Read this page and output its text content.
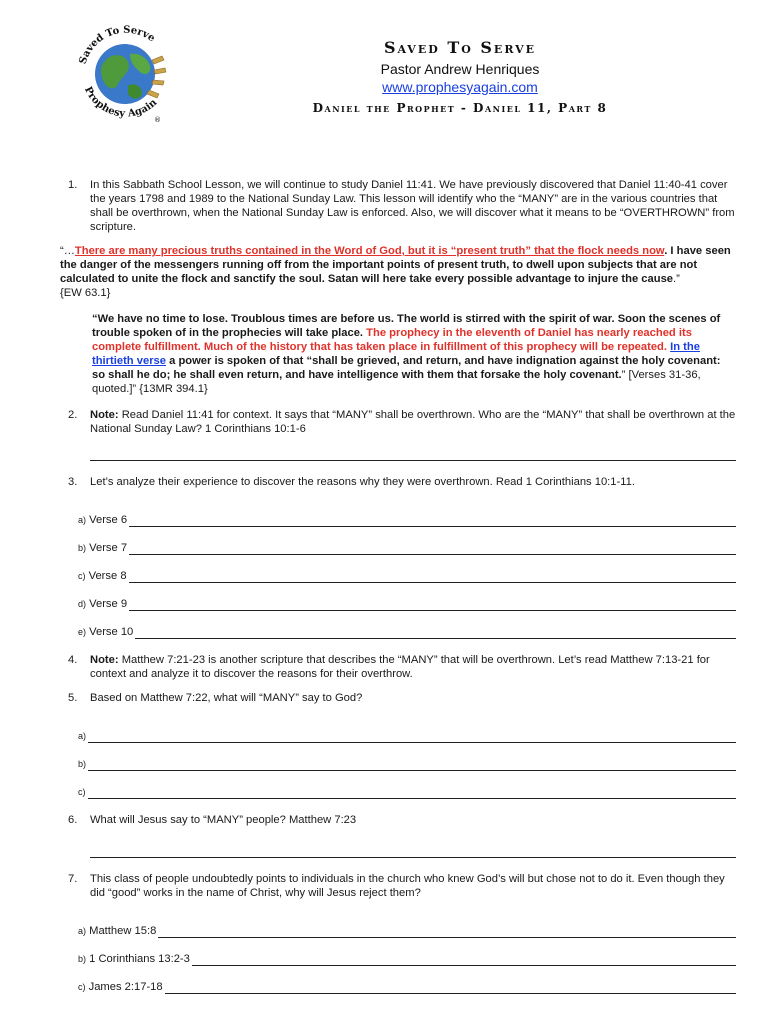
Saved To Serve
Prophesy Again
®
Saved To Serve
Pastor Andrew Henriques
www.prophesyagain.com
Daniel the Prophet - Daniel 11, Part 8
1. In this Sabbath School Lesson, we will continue to study Daniel 11:41. We have previously discovered that Daniel 11:40-41 cover the years 1798 and 1989 to the National Sunday Law. This lesson will identify who the “MANY” are in the various countries that shall be overthrown, when the National Sunday Law is enforced. Also, we will discover what it means to be “OVERTHROWN” from scripture.
“…There are many precious truths contained in the Word of God, but it is “present truth” that the flock needs now. I have seen the danger of the messengers running off from the important points of present truth, to dwell upon subjects that are not calculated to unite the flock and sanctify the soul. Satan will here take every possible advantage to injure the cause.”
{EW 63.1}
“We have no time to lose. Troublous times are before us. The world is stirred with the spirit of war. Soon the scenes of trouble spoken of in the prophecies will take place. The prophecy in the eleventh of Daniel has nearly reached its complete fulfillment. Much of the history that has taken place in fulfillment of this prophecy will be repeated. In the thirtieth verse a power is spoken of that “shall be grieved, and return, and have indignation against the holy covenant: so shall he do; he shall even return, and have intelligence with them that forsake the holy covenant.” [Verses 31-36, quoted.]” {13MR 394.1}
2. Note: Read Daniel 11:41 for context. It says that “MANY” shall be overthrown. Who are the “MANY” that shall be overthrown at the National Sunday Law? 1 Corinthians 10:1-6
3. Let’s analyze their experience to discover the reasons why they were overthrown. Read 1 Corinthians 10:1-11.
a) Verse 6
b) Verse 7
c) Verse 8
d) Verse 9
e) Verse 10
4. Note: Matthew 7:21-23 is another scripture that describes the “MANY” that will be overthrown. Let’s read Matthew 7:13-21 for context and analyze it to discover the reasons for their overthrow.
5. Based on Matthew 7:22, what will “MANY” say to God?
a)
b)
c)
6. What will Jesus say to “MANY” people? Matthew 7:23
7. This class of people undoubtedly points to individuals in the church who knew God’s will but chose not to do it. Even though they did “good” works in the name of Christ, why will Jesus reject them?
a) Matthew 15:8
b) 1 Corinthians 13:2-3
c) James 2:17-18
